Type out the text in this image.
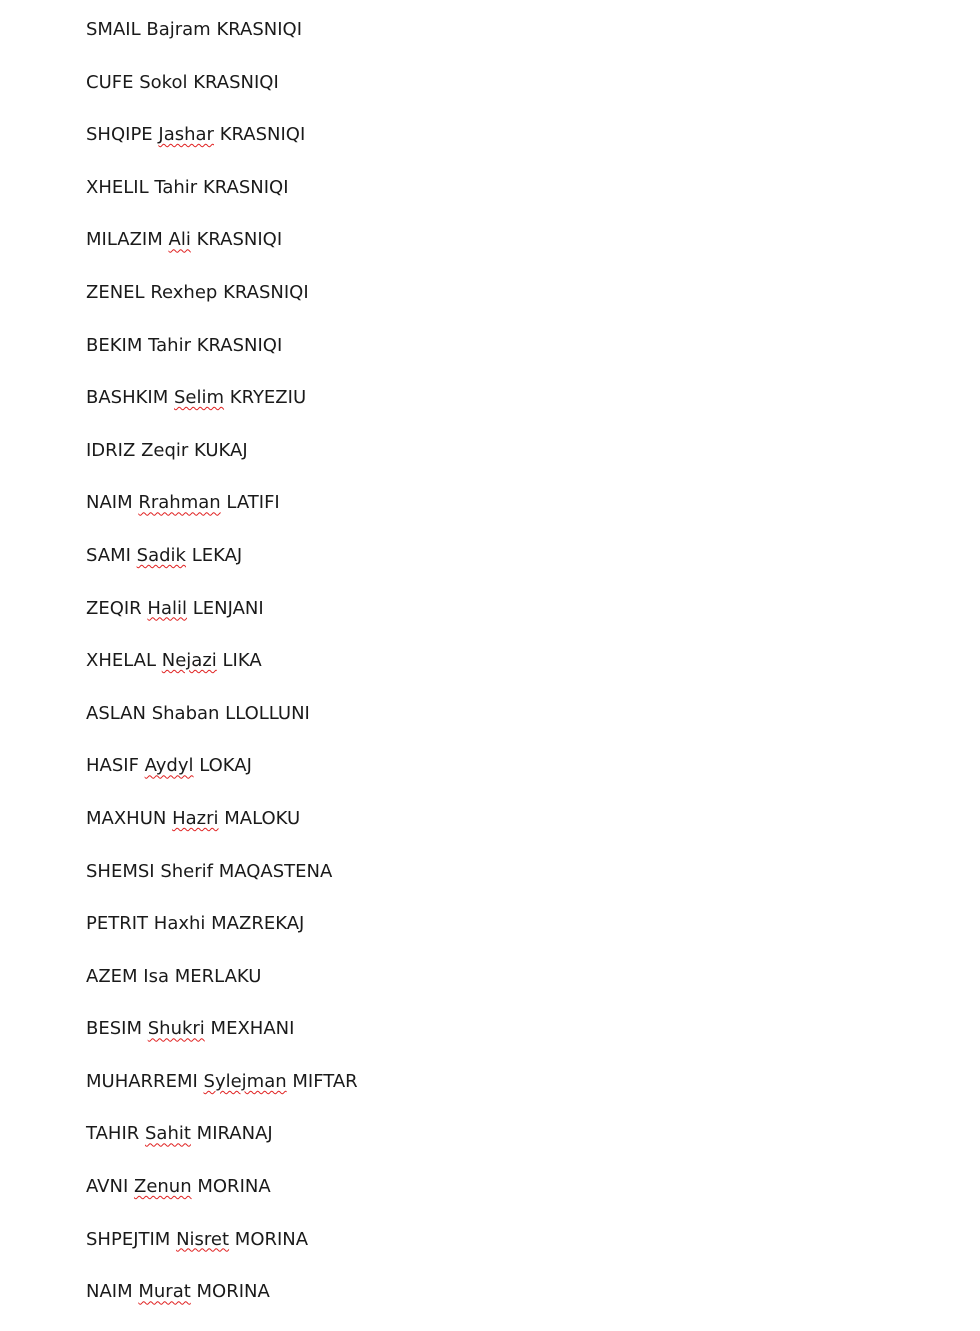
SMAIL Bajram KRASNIQI
CUFE Sokol KRASNIQI
SHQIPE Jashar KRASNIQI
XHELIL Tahir KRASNIQI
MILAZIM Ali KRASNIQI
ZENEL Rexhep KRASNIQI
BEKIM Tahir KRASNIQI
BASHKIM Selim KRYEZIU
IDRIZ Zeqir KUKAJ
NAIM Rrahman LATIFI
SAMI Sadik LEKAJ
ZEQIR Halil LENJANI
XHELAL Nejazi LIKA
ASLAN Shaban LLOLLUNI
HASIF Aydyl LOKAJ
MAXHUN Hazri MALOKU
SHEMSI Sherif MAQASTENA
PETRIT Haxhi MAZREKAJ
AZEM Isa MERLAKU
BESIM Shukri MEXHANI
MUHARREMI Sylejman MIFTAR
TAHIR Sahit MIRANAJ
AVNI Zenun MORINA
SHPEJTIM Nisret MORINA
NAIM Murat MORINA
